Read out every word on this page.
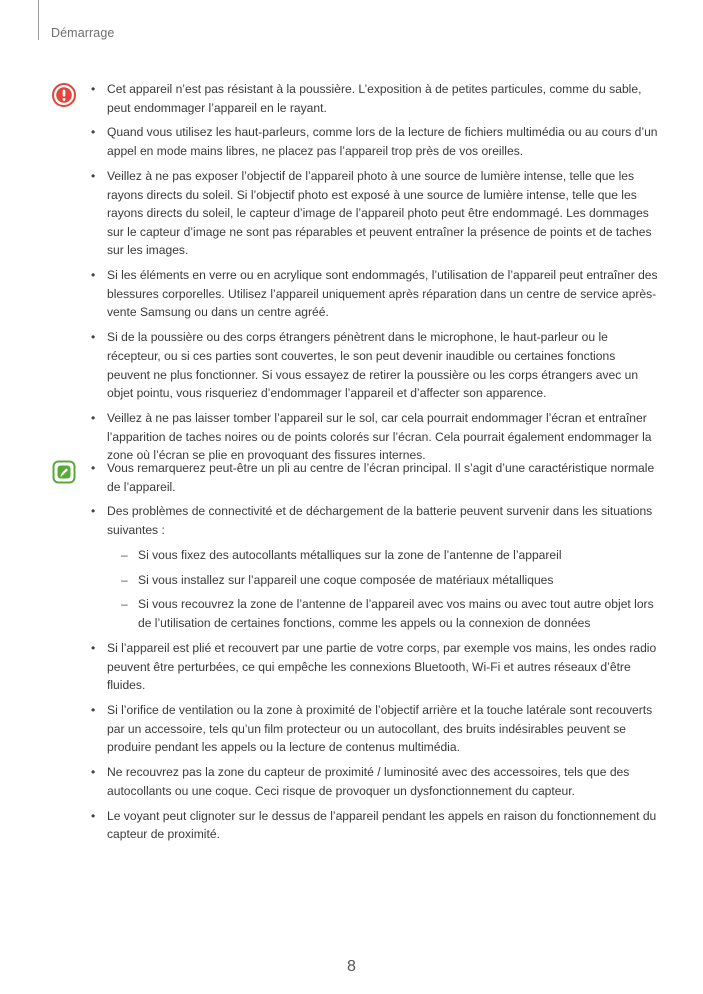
Démarrage
• Cet appareil n’est pas résistant à la poussière. L’exposition à de petites particules, comme du sable, peut endommager l’appareil en le rayant.
• Quand vous utilisez les haut-parleurs, comme lors de la lecture de fichiers multimédia ou au cours d’un appel en mode mains libres, ne placez pas l’appareil trop près de vos oreilles.
• Veillez à ne pas exposer l’objectif de l’appareil photo à une source de lumière intense, telle que les rayons directs du soleil. Si l’objectif photo est exposé à une source de lumière intense, telle que les rayons directs du soleil, le capteur d’image de l’appareil photo peut être endommagé. Les dommages sur le capteur d’image ne sont pas réparables et peuvent entraîner la présence de points et de taches sur les images.
• Si les éléments en verre ou en acrylique sont endommagés, l’utilisation de l’appareil peut entraîner des blessures corporelles. Utilisez l’appareil uniquement après réparation dans un centre de service après-vente Samsung ou dans un centre agréé.
• Si de la poussière ou des corps étrangers pénètrent dans le microphone, le haut-parleur ou le récepteur, ou si ces parties sont couvertes, le son peut devenir inaudible ou certaines fonctions peuvent ne plus fonctionner. Si vous essayez de retirer la poussière ou les corps étrangers avec un objet pointu, vous risqueriez d’endommager l’appareil et d’affecter son apparence.
• Veillez à ne pas laisser tomber l’appareil sur le sol, car cela pourrait endommager l’écran et entraîner l’apparition de taches noires ou de points colorés sur l’écran. Cela pourrait également endommager la zone où l’écran se plie en provoquant des fissures internes.
• Vous remarquerez peut-être un pli au centre de l’écran principal. Il s’agit d’une caractéristique normale de l’appareil.
• Des problèmes de connectivité et de déchargement de la batterie peuvent survenir dans les situations suivantes :
– Si vous fixez des autocollants métalliques sur la zone de l’antenne de l’appareil
– Si vous installez sur l’appareil une coque composée de matériaux métalliques
– Si vous recouvrez la zone de l’antenne de l’appareil avec vos mains ou avec tout autre objet lors de l’utilisation de certaines fonctions, comme les appels ou la connexion de données
• Si l’appareil est plié et recouvert par une partie de votre corps, par exemple vos mains, les ondes radio peuvent être perturbées, ce qui empêche les connexions Bluetooth, Wi-Fi et autres réseaux d’être fluides.
• Si l’orifice de ventilation ou la zone à proximité de l’objectif arrière et la touche latérale sont recouverts par un accessoire, tels qu’un film protecteur ou un autocollant, des bruits indésirables peuvent se produire pendant les appels ou la lecture de contenus multimédia.
• Ne recouvrez pas la zone du capteur de proximité / luminosité avec des accessoires, tels que des autocollants ou une coque. Ceci risque de provoquer un dysfonctionnement du capteur.
• Le voyant peut clignoter sur le dessus de l’appareil pendant les appels en raison du fonctionnement du capteur de proximité.
8
